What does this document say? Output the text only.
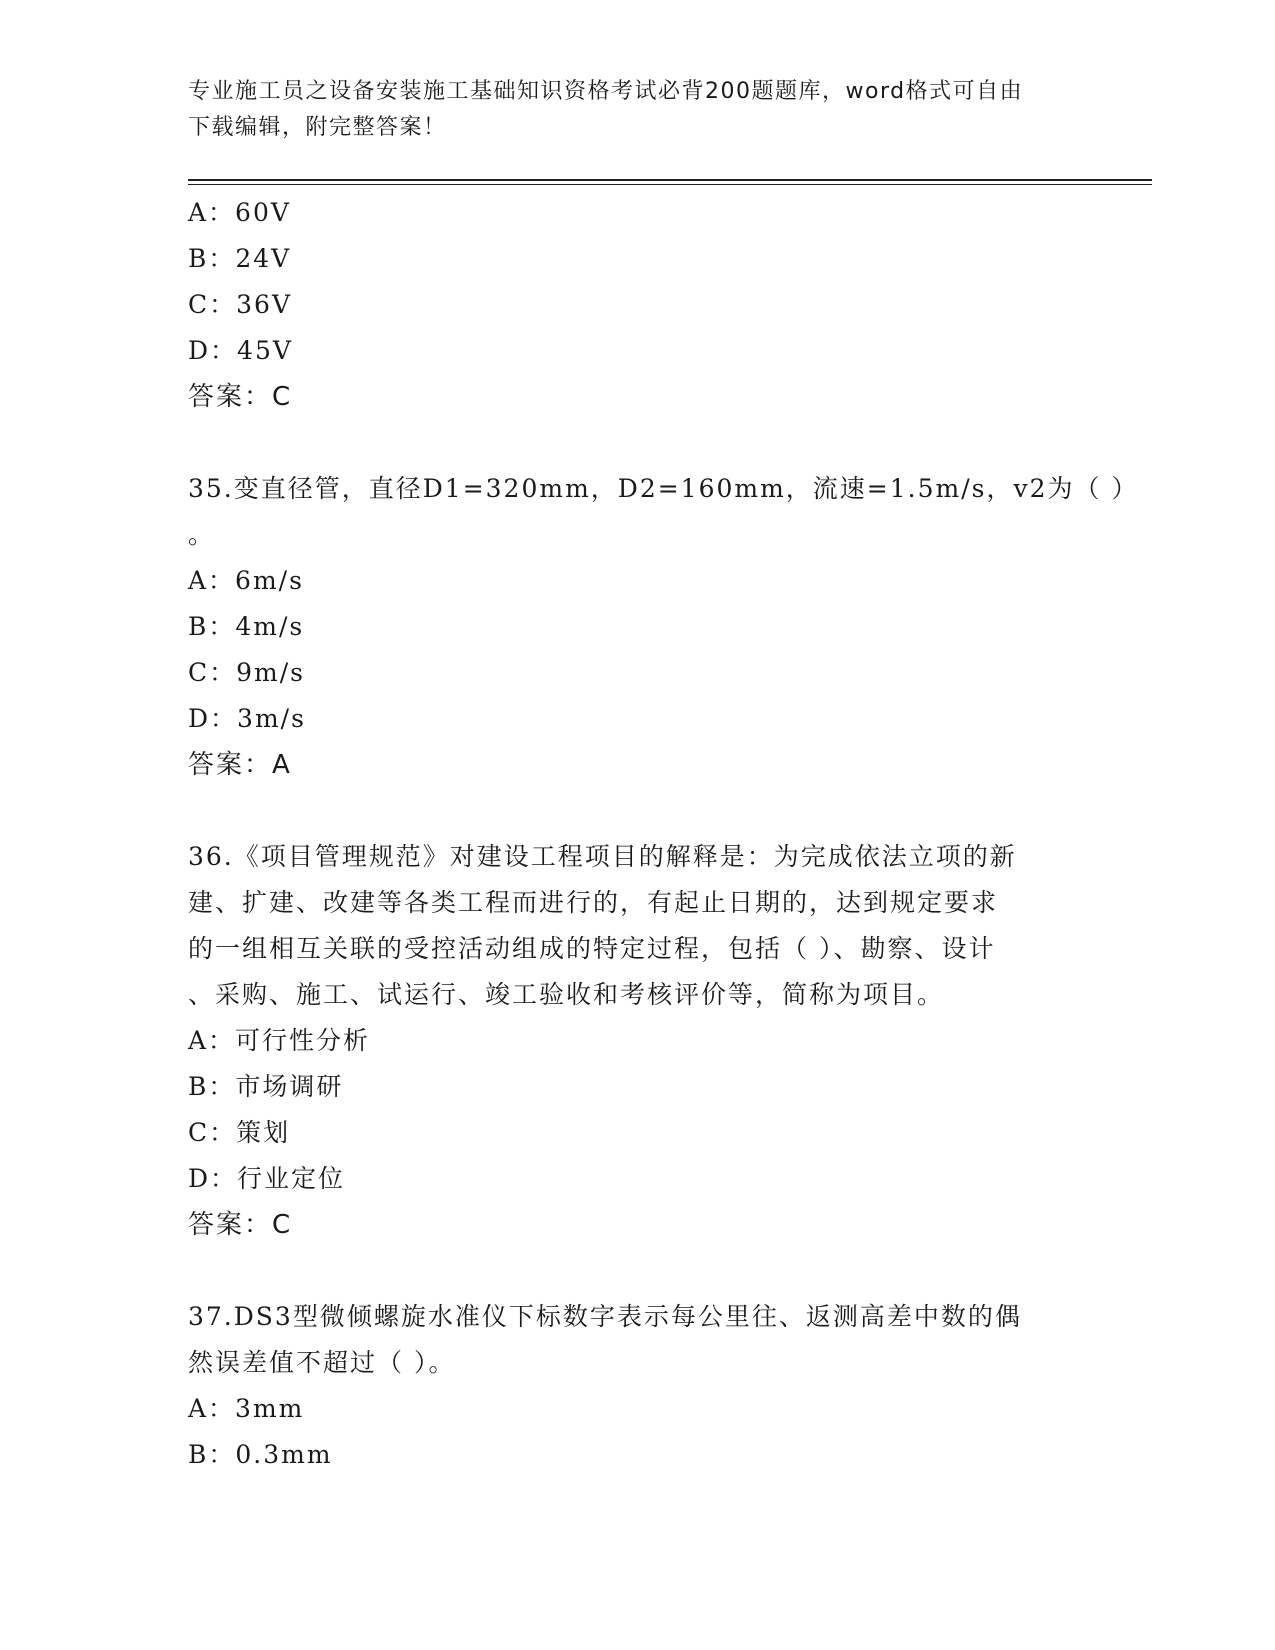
专业施工员之设备安装施工基础知识资格考试必背200题题库，word格式可自由
下载编辑，附完整答案！
A：60V
B：24V
C：36V
D：45V
答案：C
35.变直径管，直径D1=320mm，D2=160mm，流速=1.5m/s，v2为（ ）
。
A：6m/s
B：4m/s
C：9m/s
D：3m/s
答案：A
36.《项目管理规范》对建设工程项目的解释是：为完成依法立项的新
建、扩建、改建等各类工程而进行的，有起止日期的，达到规定要求
的一组相互关联的受控活动组成的特定过程，包括（ ）、勘察、设计
、采购、施工、试运行、竣工验收和考核评价等，简称为项目。
A：可行性分析
B：市场调研
C：策划
D：行业定位
答案：C
37.DS3型微倾螺旋水准仪下标数字表示每公里往、返测高差中数的偶
然误差值不超过（ ）。
A：3mm
B：0.3mm
